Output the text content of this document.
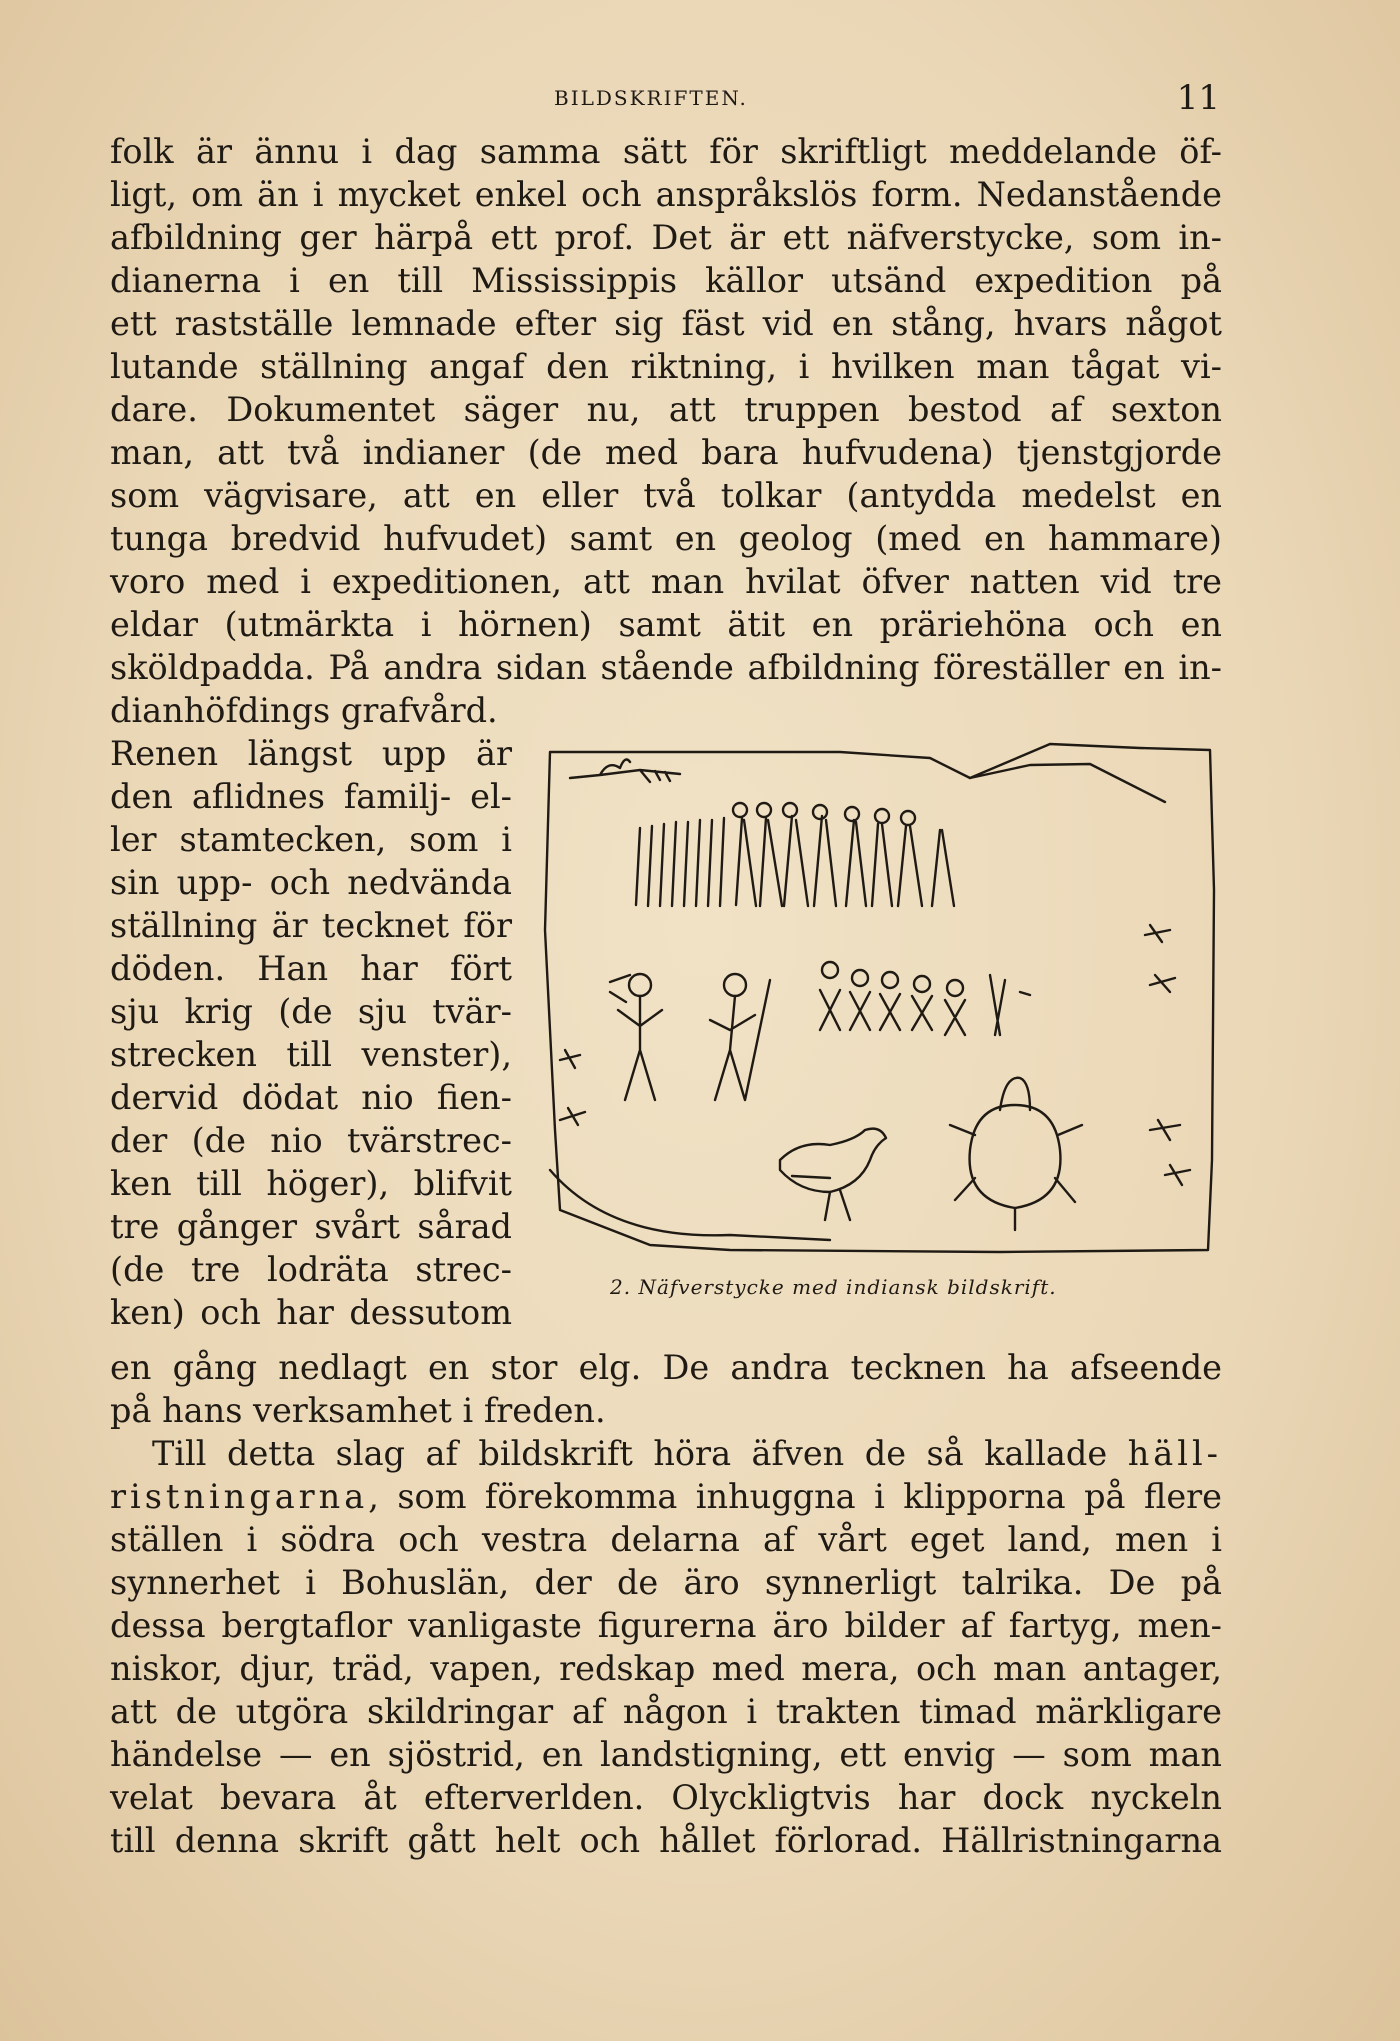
BILDSKRIFTEN.	11
folk är ännu i dag samma sätt för skriftligt meddelande öf-
ligt, om än i mycket enkel och anspråkslös form. Nedanstående
afbildning ger härpå ett prof. Det är ett näfverstycke, som in-
dianerna i en till Mississippis källor utsänd expedition på
ett rastställe lemnade efter sig fäst vid en stång, hvars något
lutande ställning angaf den riktning, i hvilken man tågat vi-
dare. Dokumentet säger nu, att truppen bestod af sexton
man, att två indianer (de med bara hufvudena) tjenstgjorde
som vägvisare, att en eller två tolkar (antydda medelst en
tunga bredvid hufvudet) samt en geolog (med en hammare)
voro med i expeditionen, att man hvilat öfver natten vid tre
eldar (utmärkta i hörnen) samt ätit en präriehöna och en
sköldpadda. På andra sidan stående afbildning föreställer en in-
dianhöfdings grafvård.
Renen längst upp är
den aflidnes familj- el-
ler stamtecken, som i
sin upp- och nedvända
ställning är tecknet för
döden. Han har fört
sju krig (de sju tvär-
strecken till venster),
dervid dödat nio fien-
der (de nio tvärstrec-
ken till höger), blifvit
tre gånger svårt sårad
(de tre lodräta strec-
ken) och har dessutom
2. Näfverstycke med indiansk bildskrift.
en gång nedlagt en stor elg. De andra tecknen ha afseende
på hans verksamhet i freden.
Till detta slag af bildskrift höra äfven de så kallade häll-
ristningarna, som förekomma inhuggna i klipporna på flere
ställen i södra och vestra delarna af vårt eget land, men i
synnerhet i Bohuslän, der de äro synnerligt talrika. De på
dessa bergtaflor vanligaste figurerna äro bilder af fartyg, men-
niskor, djur, träd, vapen, redskap med mera, och man antager,
att de utgöra skildringar af någon i trakten timad märkligare
händelse — en sjöstrid, en landstigning, ett envig — som man
velat bevara åt efterverlden. Olyckligtvis har dock nyckeln
till denna skrift gått helt och hållet förlorad. Hällristningarna
